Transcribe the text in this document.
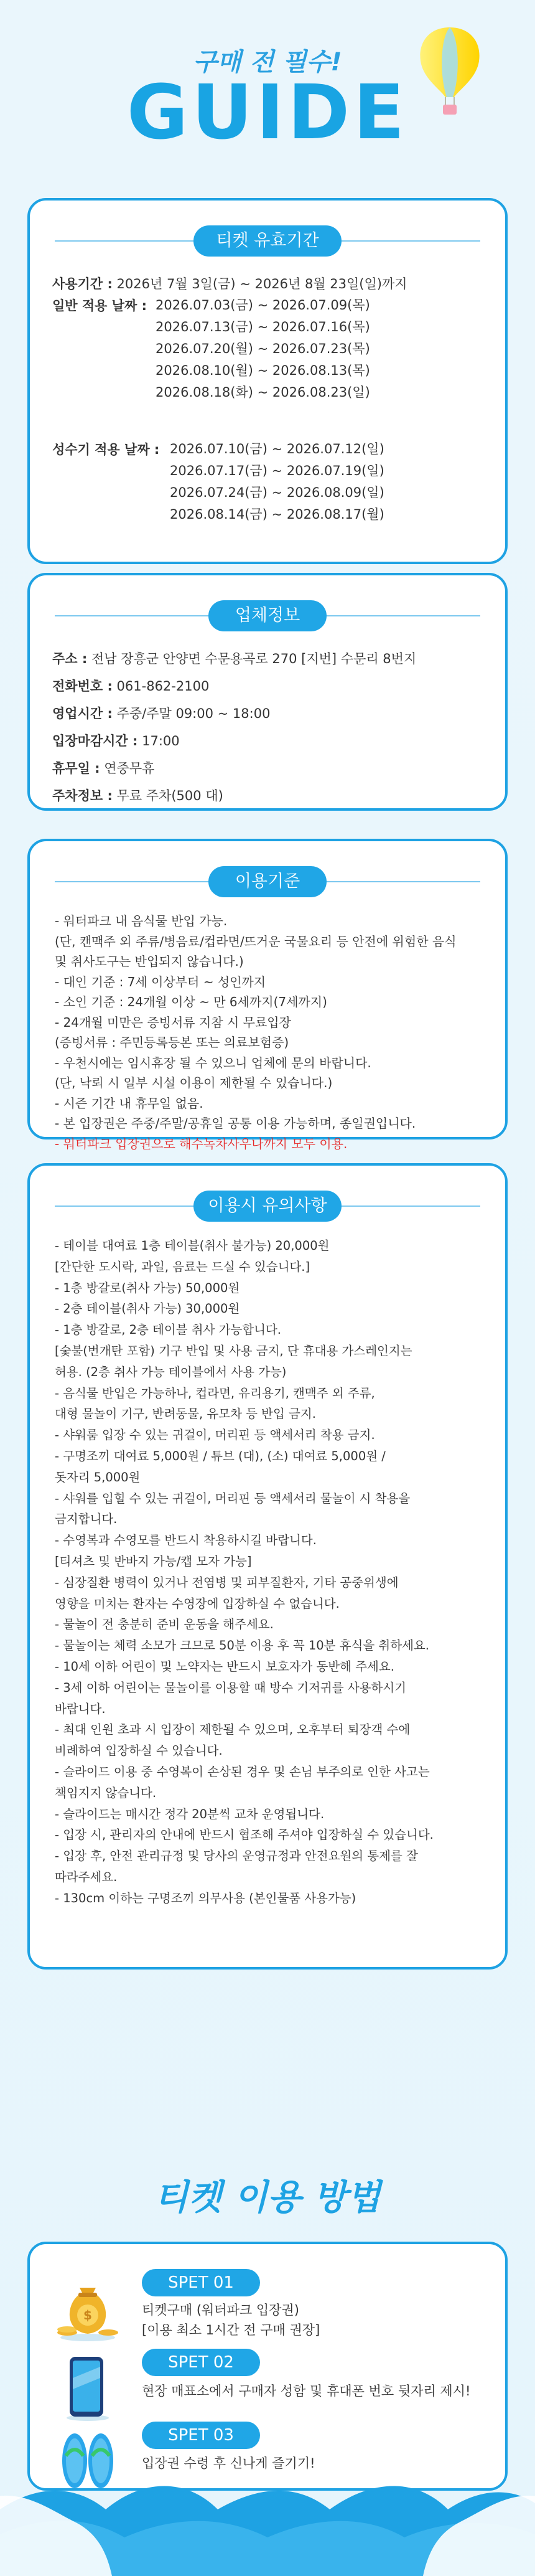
구매 전 필수!
GUIDE
티켓 유효기간
사용기간 : 2026년 7월 3일(금) ~ 2026년 8월 23일(일)까지
일반 적용 날짜 : 2026.07.03(금) ~ 2026.07.09(목)
2026.07.13(금) ~ 2026.07.16(목)
2026.07.20(월) ~ 2026.07.23(목)
2026.08.10(월) ~ 2026.08.13(목)
2026.08.18(화) ~ 2026.08.23(일)
성수기 적용 날짜 : 2026.07.10(금) ~ 2026.07.12(일)
2026.07.17(금) ~ 2026.07.19(일)
2026.07.24(금) ~ 2026.08.09(일)
2026.08.14(금) ~ 2026.08.17(월)
업체정보
주소 : 전남 장흥군 안양면 수문용곡로 270 [지번] 수문리 8번지
전화번호 : 061-862-2100
영업시간 : 주중/주말 09:00 ~ 18:00
입장마감시간 : 17:00
휴무일 : 연중무휴
주차정보 : 무료 주차(500 대)
이용기준
- 워터파크 내 음식물 반입 가능.
(단, 캔맥주 외 주류/병음료/컵라면/뜨거운 국물요리 등 안전에 위험한 음식
및 취사도구는 반입되지 않습니다.)
- 대인 기준 : 7세 이상부터 ~ 성인까지
- 소인 기준 : 24개월 이상 ~ 만 6세까지(7세까지)
- 24개월 미만은 증빙서류 지참 시 무료입장
(증빙서류 : 주민등록등본 또는 의료보험증)
- 우천시에는 임시휴장 될 수 있으니 업체에 문의 바랍니다.
(단, 낙뢰 시 일부 시설 이용이 제한될 수 있습니다.)
- 시즌 기간 내 휴무일 없음.
- 본 입장권은 주중/주말/공휴일 공통 이용 가능하며, 종일권입니다.
- 워터파크 입장권으로 해수녹차사우나까지 모두 이용.
이용시 유의사항
- 테이블 대여료 1층 테이블(취사 불가능) 20,000원
[간단한 도시락, 과일, 음료는 드실 수 있습니다.]
- 1층 방갈로(취사 가능) 50,000원
- 2층 테이블(취사 가능) 30,000원
- 1층 방갈로, 2층 테이블 취사 가능합니다.
[숯불(번개탄 포함) 기구 반입 및 사용 금지, 단 휴대용 가스레인지는
허용. (2층 취사 가능 테이블에서 사용 가능)
- 음식물 반입은 가능하나, 컵라면, 유리용기, 캔맥주 외 주류,
대형 물놀이 기구, 반려동물, 유모차 등 반입 금지.
- 샤워룸 입장 수 있는 귀걸이, 머리핀 등 액세서리 착용 금지.
- 구명조끼 대여료 5,000원 / 튜브 (대), (소) 대여료 5,000원 /
돗자리 5,000원
- 샤워를 입힐 수 있는 귀걸이, 머리핀 등 액세서리 물놀이 시 착용을
금지합니다.
- 수영복과 수영모를 반드시 착용하시길 바랍니다.
[티셔츠 및 반바지 가능/캡 모자 가능]
- 심장질환 병력이 있거나 전염병 및 피부질환자, 기타 공중위생에
영향을 미치는 환자는 수영장에 입장하실 수 없습니다.
- 물놀이 전 충분히 준비 운동을 해주세요.
- 물놀이는 체력 소모가 크므로 50분 이용 후 꼭 10분 휴식을 취하세요.
- 10세 이하 어린이 및 노약자는 반드시 보호자가 동반해 주세요.
- 3세 이하 어린이는 물놀이를 이용할 때 방수 기저귀를 사용하시기
바랍니다.
- 최대 인원 초과 시 입장이 제한될 수 있으며, 오후부터 퇴장객 수에
비례하여 입장하실 수 있습니다.
- 슬라이드 이용 중 수영복이 손상된 경우 및 손님 부주의로 인한 사고는
책임지지 않습니다.
- 슬라이드는 매시간 정각 20분씩 교차 운영됩니다.
- 입장 시, 관리자의 안내에 반드시 협조해 주셔야 입장하실 수 있습니다.
- 입장 후, 안전 관리규정 및 당사의 운영규정과 안전요원의 통제를 잘
따라주세요.
- 130cm 이하는 구명조끼 의무사용 (본인물품 사용가능)
티켓 이용 방법
$
SPET 01
티켓구매 (워터파크 입장권)
[이용 최소 1시간 전 구매 권장]
SPET 02
현장 매표소에서 구매자 성함 및 휴대폰 번호 뒷자리 제시!
SPET 03
입장권 수령 후 신나게 즐기기!
